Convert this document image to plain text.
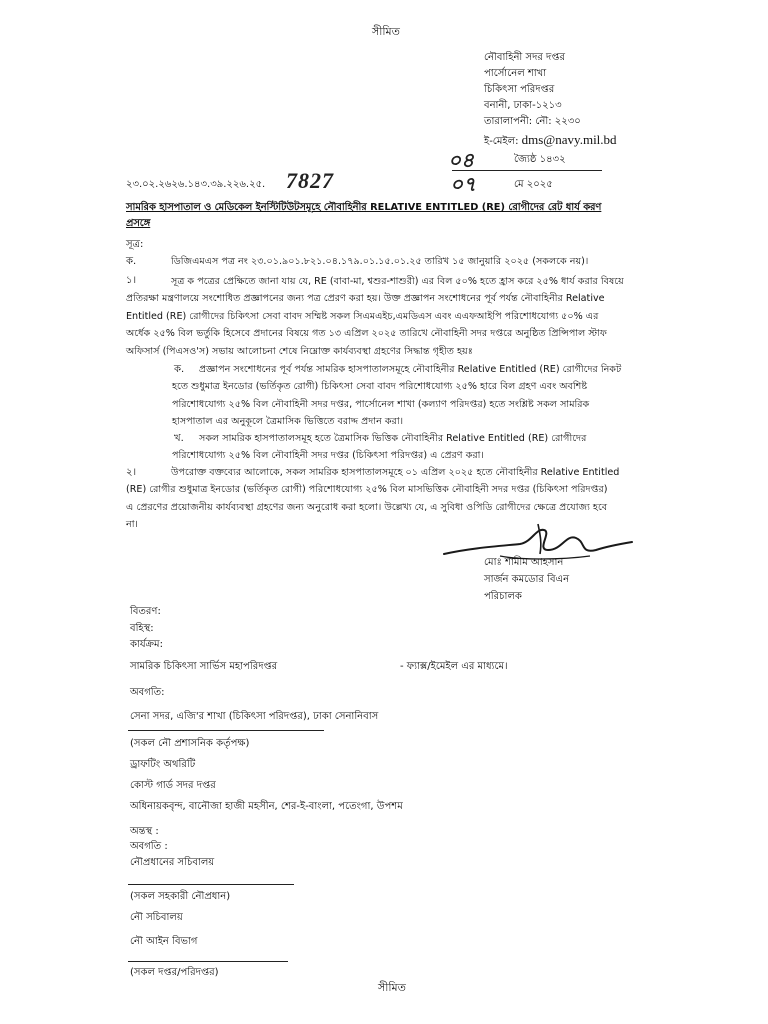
সীমিত
নৌবাহিনী সদর দপ্তর
পার্সোনেল শাখা
চিকিৎসা পরিদপ্তর
বনানী, ঢাকা-১২১৩
তারালাপনী: নৌ: ২২৩০
ই-মেইল: dms@navy.mil.bd
০৪
০৭
জ্যৈষ্ঠ ১৪৩২
মে ২০২৫
২৩.০২.২৬২৬.১৪৩.৩৯.২২৬.২৫. 7827
সামরিক হাসপাতাল ও মেডিকেল ইনস্টিটিউটসমূহে নৌবাহিনীর RELATIVE ENTITLED (RE) রোগীদের রেট ধার্য করণ
প্রসঙ্গে
সূত্র:
ক.	ডিজিএমএস পত্র নং ২৩.০১.৯০১.৮২১.০৪.১৭৯.০১.১৫.০১.২৫ তারিখ ১৫ জানুয়ারি ২০২৫ (সকলকে নয়)।
১।	সূত্র ক পত্রের প্রেক্ষিতে জানা যায় যে, RE (বাবা-মা, শ্বশুর-শাশুরী) এর বিল ৫০% হতে হ্রাস করে ২৫% ধার্য করার বিষয়ে
প্রতিরক্ষা মন্ত্রণালয়ে সংশোধিত প্রজ্ঞাপনের জন্য পত্র প্রেরণ করা হয়। উক্ত প্রজ্ঞাপন সংশোধনের পূর্ব পর্যন্ত নৌবাহিনীর Relative
Entitled (RE) রোগীদের চিকিৎসা সেবা বাবদ সম্মিষ্ট সকল সিএমএইচ,এমডিএস এবং এএফআইপি পরিশোধযোগ্য ৫০% এর
অর্ধেক ২৫% বিল ভর্তুকি হিসেবে প্রদানের বিষয়ে গত ১৩ এপ্রিল ২০২৫ তারিখে নৌবাহিনী সদর দপ্তরে অনুষ্ঠিত প্রিন্সিপাল স্টাফ
অফিসার্স (পিএসও'স) সভায় আলোচনা শেষে নিম্নোক্ত কার্যব্যবস্থা গ্রহণের সিদ্ধান্ত গৃহীত হয়ঃ
ক.	প্রজ্ঞাপন সংশোধনের পূর্ব পর্যন্ত সামরিক হাসপাতালসমূহে নৌবাহিনীর Relative Entitled (RE) রোগীদের নিকট
হতে শুধুমাত্র ইনডোর (ভর্তিকৃত রোগী) চিকিৎসা সেবা বাবদ পরিশোধযোগ্য ২৫% হারে বিল গ্রহণ এবং অবশিষ্ট
পরিশোধযোগ্য ২৫% বিল নৌবাহিনী সদর দপ্তর, পার্সোনেল শাখা (কল্যাণ পরিদপ্তর) হতে সংশ্লিষ্ট সকল সামরিক
হাসপাতাল এর অনুকূলে ত্রৈমাসিক ভিত্তিতে বরাদ্দ প্রদান করা।
খ.	সকল সামরিক হাসপাতালসমূহ হতে ত্রৈমাসিক ভিত্তিক নৌবাহিনীর Relative Entitled (RE) রোগীদের
পরিশোধযোগ্য ২৫% বিল নৌবাহিনী সদর দপ্তর (চিকিৎসা পরিদপ্তর) এ প্রেরণ করা।
২।	উপরোক্ত বক্তব্যের আলোকে, সকল সামরিক হাসপাতালসমূহে ০১ এপ্রিল ২০২৫ হতে নৌবাহিনীর Relative Entitled
(RE) রোগীর শুধুমাত্র ইনডোর (ভর্তিকৃত রোগী) পরিশোধযোগ্য ২৫% বিল মাসভিত্তিক নৌবাহিনী সদর দপ্তর (চিকিৎসা পরিদপ্তর)
এ প্রেরণের প্রয়োজনীয় কার্যব্যবস্থা গ্রহণের জন্য অনুরোধ করা হলো। উল্লেখ্য যে, এ সুবিধা ওপিডি রোগীদের ক্ষেত্রে প্রযোজ্য হবে
না।
মোঃ শামীম আহসান
সার্জন কমডোর বিএন
পরিচালক
বিতরণ:
বহিস্থ:
কার্যক্রম:
সামরিক চিকিৎসা সার্ভিস মহাপরিদপ্তর	- ফ্যাক্স/ইমেইল এর মাধ্যমে।
অবগতি:
সেনা সদর, এজি'র শাখা (চিকিৎসা পরিদপ্তর), ঢাকা সেনানিবাস
(সকল নৌ প্রশাসনিক কর্তৃপক্ষ)
ড্রাফটিং অথরিটি
কোস্ট গার্ড সদর দপ্তর
অধিনায়কবৃন্দ, বানৌজা হাজী মহসীন, শের-ই-বাংলা, পতেংগা, উপশম
অন্তস্থ :
অবগতি :
নৌপ্রধানের সচিবালয়
(সকল সহকারী নৌপ্রধান)
নৌ সচিবালয়
নৌ আইন বিভাগ
(সকল দপ্তর/পরিদপ্তর)
সীমিত
